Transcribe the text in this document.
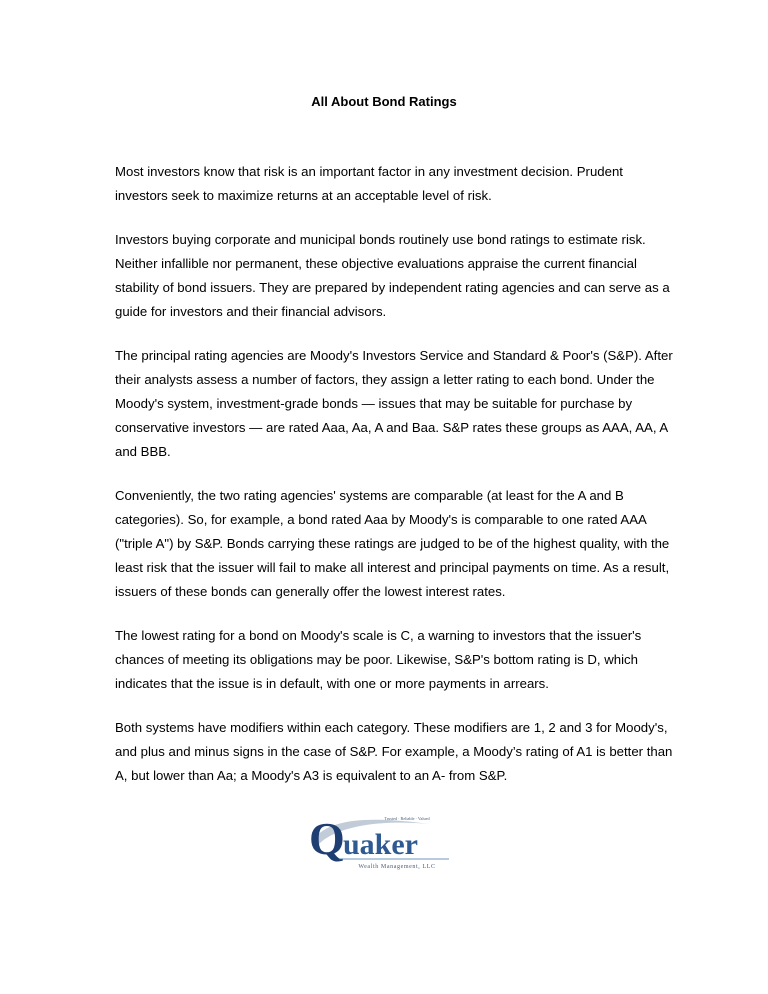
All About Bond Ratings

Most investors know that risk is an important factor in any investment decision. Prudent investors seek to maximize returns at an acceptable level of risk.

Investors buying corporate and municipal bonds routinely use bond ratings to estimate risk. Neither infallible nor permanent, these objective evaluations appraise the current financial stability of bond issuers. They are prepared by independent rating agencies and can serve as a guide for investors and their financial advisors.

The principal rating agencies are Moody's Investors Service and Standard & Poor's (S&P). After their analysts assess a number of factors, they assign a letter rating to each bond. Under the Moody's system, investment-grade bonds — issues that may be suitable for purchase by conservative investors — are rated Aaa, Aa, A and Baa. S&P rates these groups as AAA, AA, A and BBB.

Conveniently, the two rating agencies' systems are comparable (at least for the A and B categories). So, for example, a bond rated Aaa by Moody's is comparable to one rated AAA ("triple A") by S&P. Bonds carrying these ratings are judged to be of the highest quality, with the least risk that the issuer will fail to make all interest and principal payments on time. As a result, issuers of these bonds can generally offer the lowest interest rates.

The lowest rating for a bond on Moody's scale is C, a warning to investors that the issuer's chances of meeting its obligations may be poor. Likewise, S&P's bottom rating is D, which indicates that the issue is in default, with one or more payments in arrears.

Both systems have modifiers within each category. These modifiers are 1, 2 and 3 for Moody's, and plus and minus signs in the case of S&P. For example, a Moody’s rating of A1 is better than A, but lower than Aa; a Moody's A3 is equivalent to an A- from S&P.

Trusted · Reliable · Valued
Q
uaker
Wealth Management, LLC
